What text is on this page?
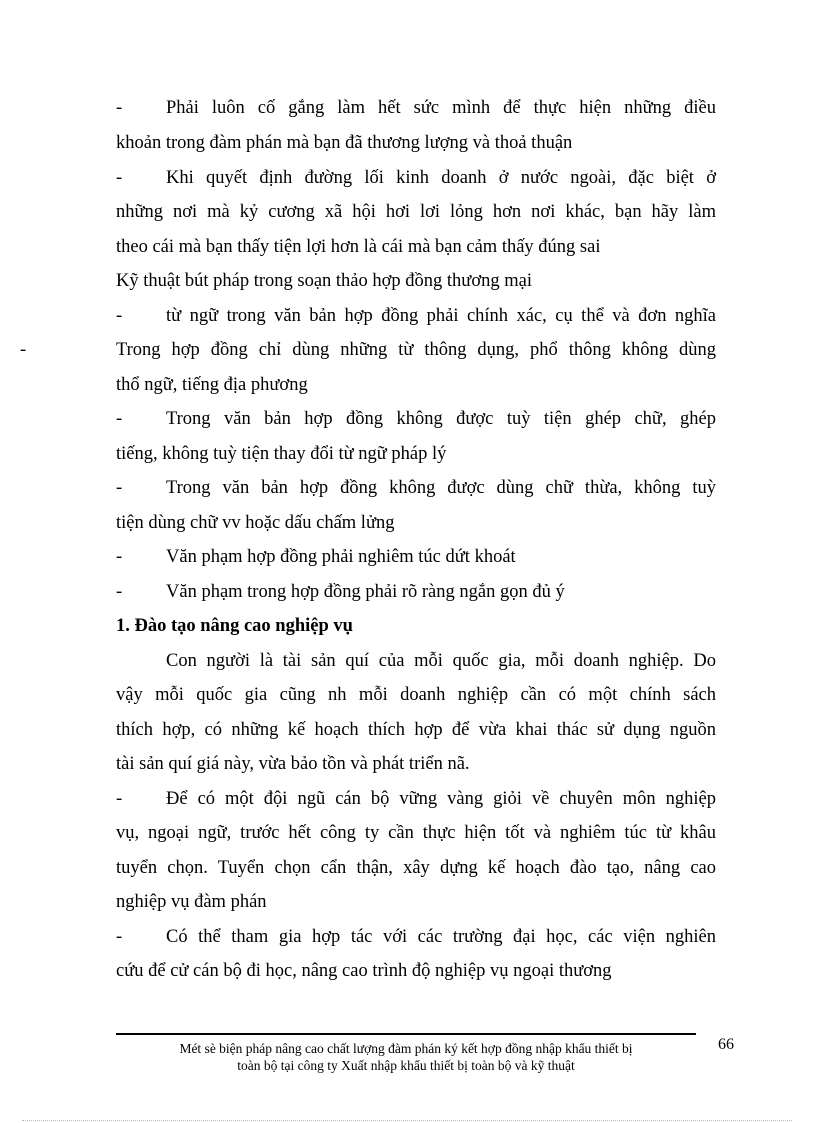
-
- Phải luôn cố gắng làm hết sức mình để thực hiện những điều
khoản trong đàm phán mà bạn đã thương lượng và thoả thuận
- Khi quyết định đường lối kinh doanh ở nước ngoài, đặc biệt ở
những nơi mà kỷ cương xã hội hơi lơi lỏng hơn nơi khác, bạn hãy làm
theo cái mà bạn thấy tiện lợi hơn là cái mà bạn cảm thấy đúng sai
Kỹ thuật bút pháp trong soạn thảo hợp đồng thương mại
- từ ngữ trong văn bản hợp đồng phải chính xác, cụ thể và đơn nghĩa
Trong hợp đồng chỉ dùng những từ thông dụng, phổ thông không dùng
thổ ngữ, tiếng địa phương
- Trong văn bản hợp đồng không được tuỳ tiện ghép chữ, ghép
tiếng, không tuỳ tiện thay đổi từ ngữ pháp lý
- Trong văn bản hợp đồng không được dùng chữ thừa, không tuỳ
tiện dùng chữ vv hoặc dấu chấm lửng
- Văn phạm hợp đồng phải nghiêm túc dứt khoát
- Văn phạm trong hợp đồng phải rõ ràng ngắn gọn đủ ý
1. Đào tạo nâng cao nghiệp vụ
Con người là tài sản quí của mỗi quốc gia, mỗi doanh nghiệp. Do
vậy mỗi quốc gia cũng nh mỗi doanh nghiệp cần có một chính sách
thích hợp, có những kế hoạch thích hợp để vừa khai thác sử dụng nguồn
tài sản quí giá này, vừa bảo tồn và phát triển nã.
- Để có một đội ngũ cán bộ vững vàng giỏi về chuyên môn nghiệp
vụ, ngoại ngữ, trước hết công ty cần thực hiện tốt và nghiêm túc từ khâu
tuyển chọn. Tuyển chọn cẩn thận, xây dựng kế hoạch đào tạo, nâng cao
nghiệp vụ đàm phán
- Có thể tham gia hợp tác với các trường đại học, các viện nghiên
cứu để cử cán bộ đi học, nâng cao trình độ nghiệp vụ ngoại thương
Mét sè biện pháp nâng cao chất lượng đàm phán ký kết hợp đồng nhập khẩu thiết bị
toàn bộ tại công ty Xuất nhập khẩu thiết bị toàn bộ và kỹ thuật
66
